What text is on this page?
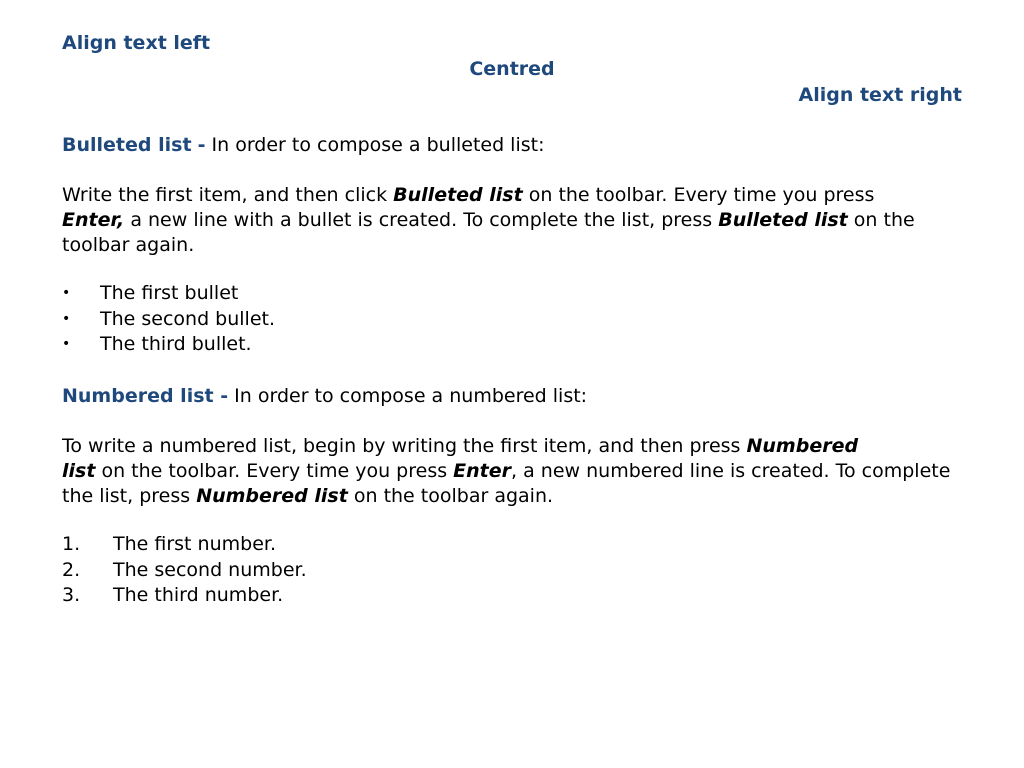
Align text left
Centred
Align text right
Bulleted list - In order to compose a bulleted list:
Write the first item, and then click Bulleted list on the toolbar. Every time you press
Enter, a new line with a bullet is created. To complete the list, press Bulleted list on the toolbar again.
•	The first bullet
•	The second bullet.
•	The third bullet.
Numbered list - In order to compose a numbered list:
To write a numbered list, begin by writing the first item, and then press Numbered
list on the toolbar. Every time you press Enter, a new numbered line is created. To complete the list, press Numbered list on the toolbar again.
1.	The first number.
2.	The second number.
3.	The third number.
